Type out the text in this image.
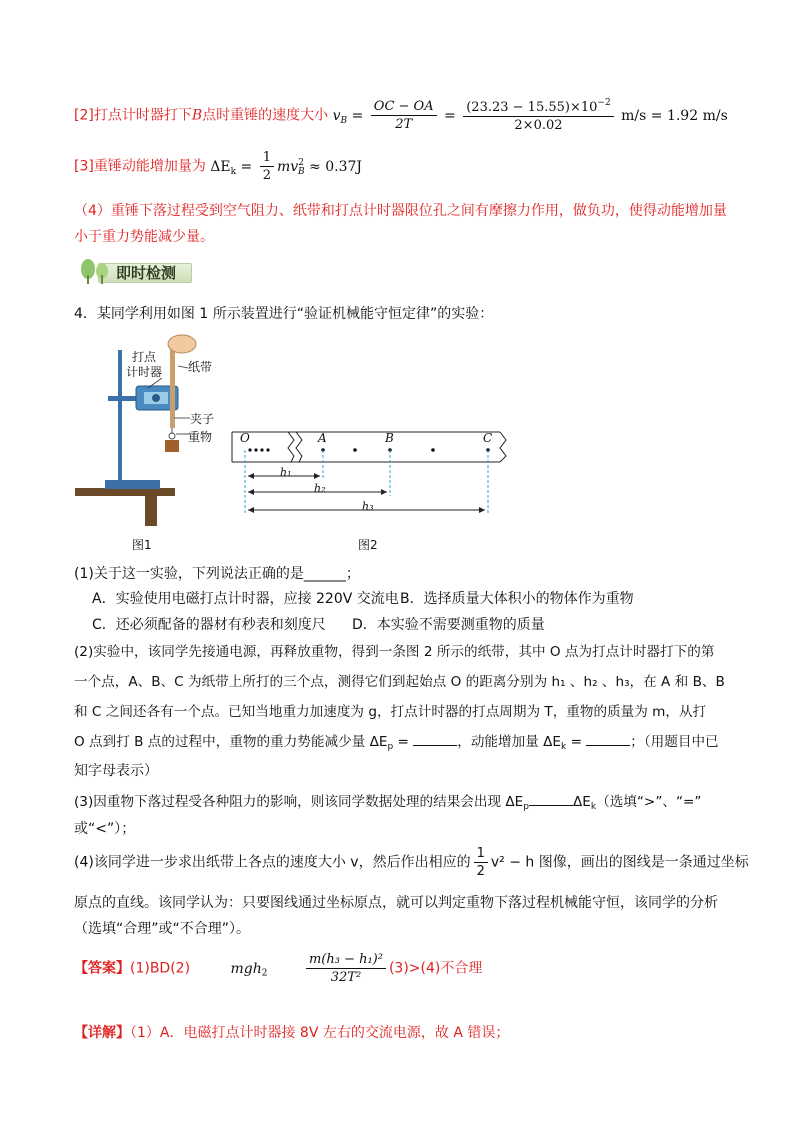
[2]打点计时器打下B点时重锤的速度大小 $v_B = \frac{OC - OA}{2T} = \frac{(23.23 - 15.55)\times 10^{-2}}{2\times 0.02} m/s = 1.92$ m/s
[3]重锤动能增加量为 $\Delta E_k = \frac{1}{2} mv^2_B \approx 0.37J$
（4）重锤下落过程受到空气阻力、纸带和打点计时器限位孔之间有摩擦力作用，做负功，使得动能增加量小于重力势能减少量。
即时检测
4．某同学利用如图 1 所示装置进行“验证机械能守恒定律”的实验：
打点
计时器 纸带
夹子
重物
图1
O	A	B	C
h₁
h₂
h₃
图2
(1)关于这一实验，下列说法正确的是______；
A．实验使用电磁打点计时器，应接 220V 交流电 B．选择质量大体积小的物体作为重物
C．还必须配备的器材有秒表和刻度尺 D．本实验不需要测重物的质量
(2)实验中，该同学先接通电源，再释放重物，得到一条图 2 所示的纸带，其中 O 点为打点计时器打下的第
一个点，A、B、C 为纸带上所打的三个点，测得它们到起始点 O 的距离分别为 h₁ 、h₂ 、h₃，在 A 和 B、B
和 C 之间还各有一个点。已知当地重力加速度为 g，打点计时器的打点周期为 T，重物的质量为 m，从打
O 点到打 B 点的过程中，重物的重力势能减少量 $\Delta E_p$ =	，动能增加量 $\Delta E_k$ =	；（用题目中已
知字母表示）
(3)因重物下落过程受各种阻力的影响，则该同学数据处理的结果会出现 $\Delta E_p$	$\Delta E_k$（选填“>”、“=”
或“<”）；
(4)该同学进一步求出纸带上各点的速度大小 v，然后作出相应的 $\frac{1}{2} v^2 - h$ 图像，画出的图线是一条通过坐标
原点的直线。该同学认为：只要图线通过坐标原点，就可以判定重物下落过程机械能守恒，该同学的分析
（选填“合理”或“不合理”）。
【答案】(1)BD(2)	mgh$_2$	$\frac{\text{m(h₃ − h₁)²}}{\text{32T²}} (3)>(4)$不合理
【详解】（1）A．电磁打点计时器接 8V 左右的交流电源，故 A 错误；
